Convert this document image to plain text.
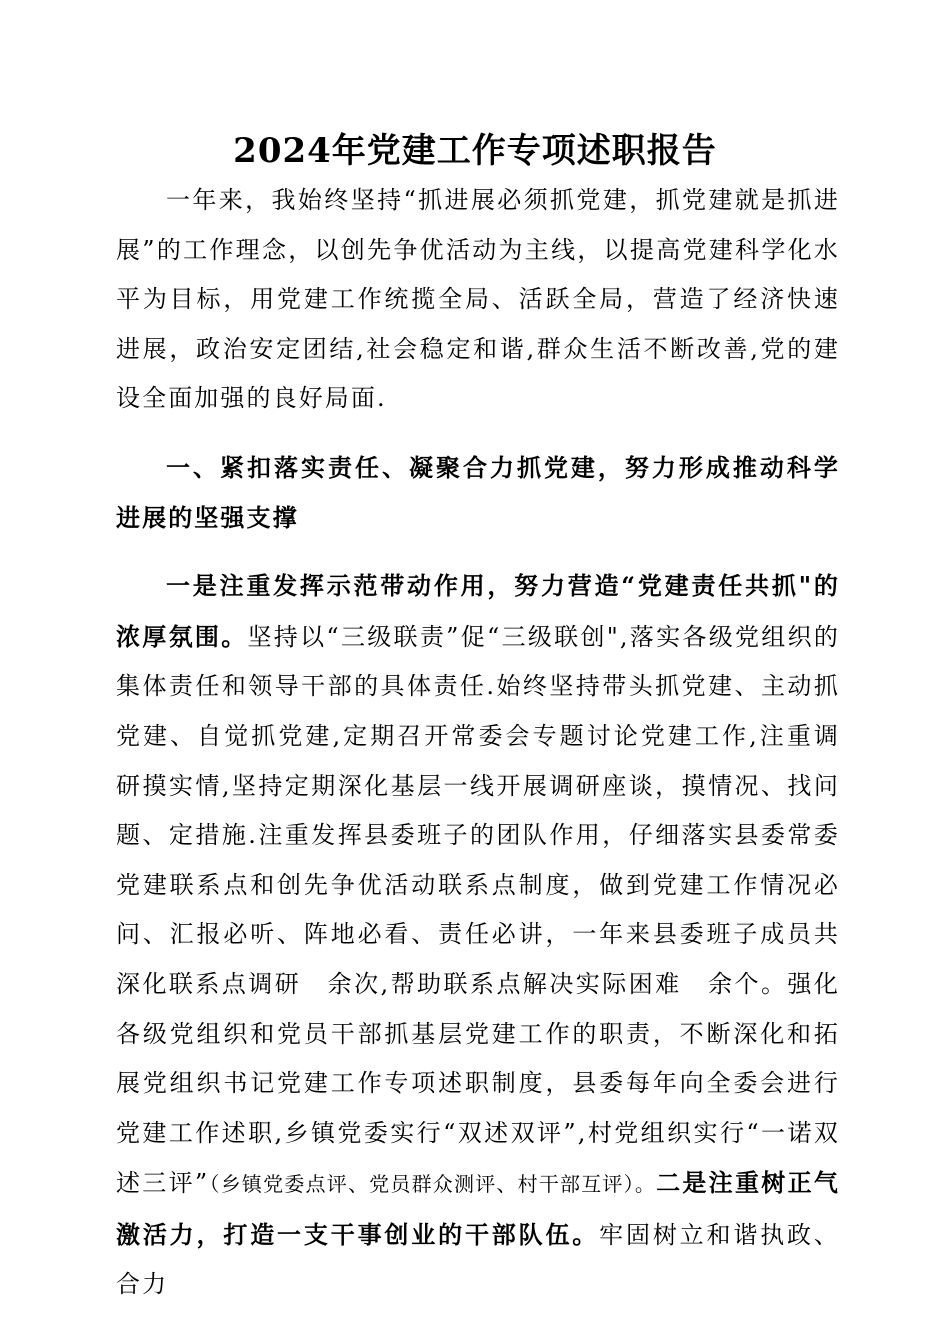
2024年党建工作专项述职报告

一年来，我始终坚持“抓进展必须抓党建，抓党建就是抓进展”的工作理念，以创先争优活动为主线，以提高党建科学化水平为目标，用党建工作统揽全局、活跃全局，营造了经济快速进展，政治安定团结,社会稳定和谐,群众生活不断改善,党的建设全面加强的良好局面.

一、紧扣落实责任、凝聚合力抓党建，努力形成推动科学进展的坚强支撑

一是注重发挥示范带动作用，努力营造“党建责任共抓"的浓厚氛围。坚持以“三级联责”促“三级联创",落实各级党组织的集体责任和领导干部的具体责任.始终坚持带头抓党建、主动抓党建、自觉抓党建,定期召开常委会专题讨论党建工作,注重调研摸实情,坚持定期深化基层一线开展调研座谈，摸情况、找问题、定措施.注重发挥县委班子的团队作用，仔细落实县委常委党建联系点和创先争优活动联系点制度，做到党建工作情况必问、汇报必听、阵地必看、责任必讲，一年来县委班子成员共深化联系点调研　余次,帮助联系点解决实际困难　余个。强化各级党组织和党员干部抓基层党建工作的职责，不断深化和拓展党组织书记党建工作专项述职制度，县委每年向全委会进行党建工作述职,乡镇党委实行“双述双评”,村党组织实行“一诺双述三评”（乡镇党委点评、党员群众测评、村干部互评）。二是注重树正气激活力，打造一支干事创业的干部队伍。牢固树立和谐执政、合力
